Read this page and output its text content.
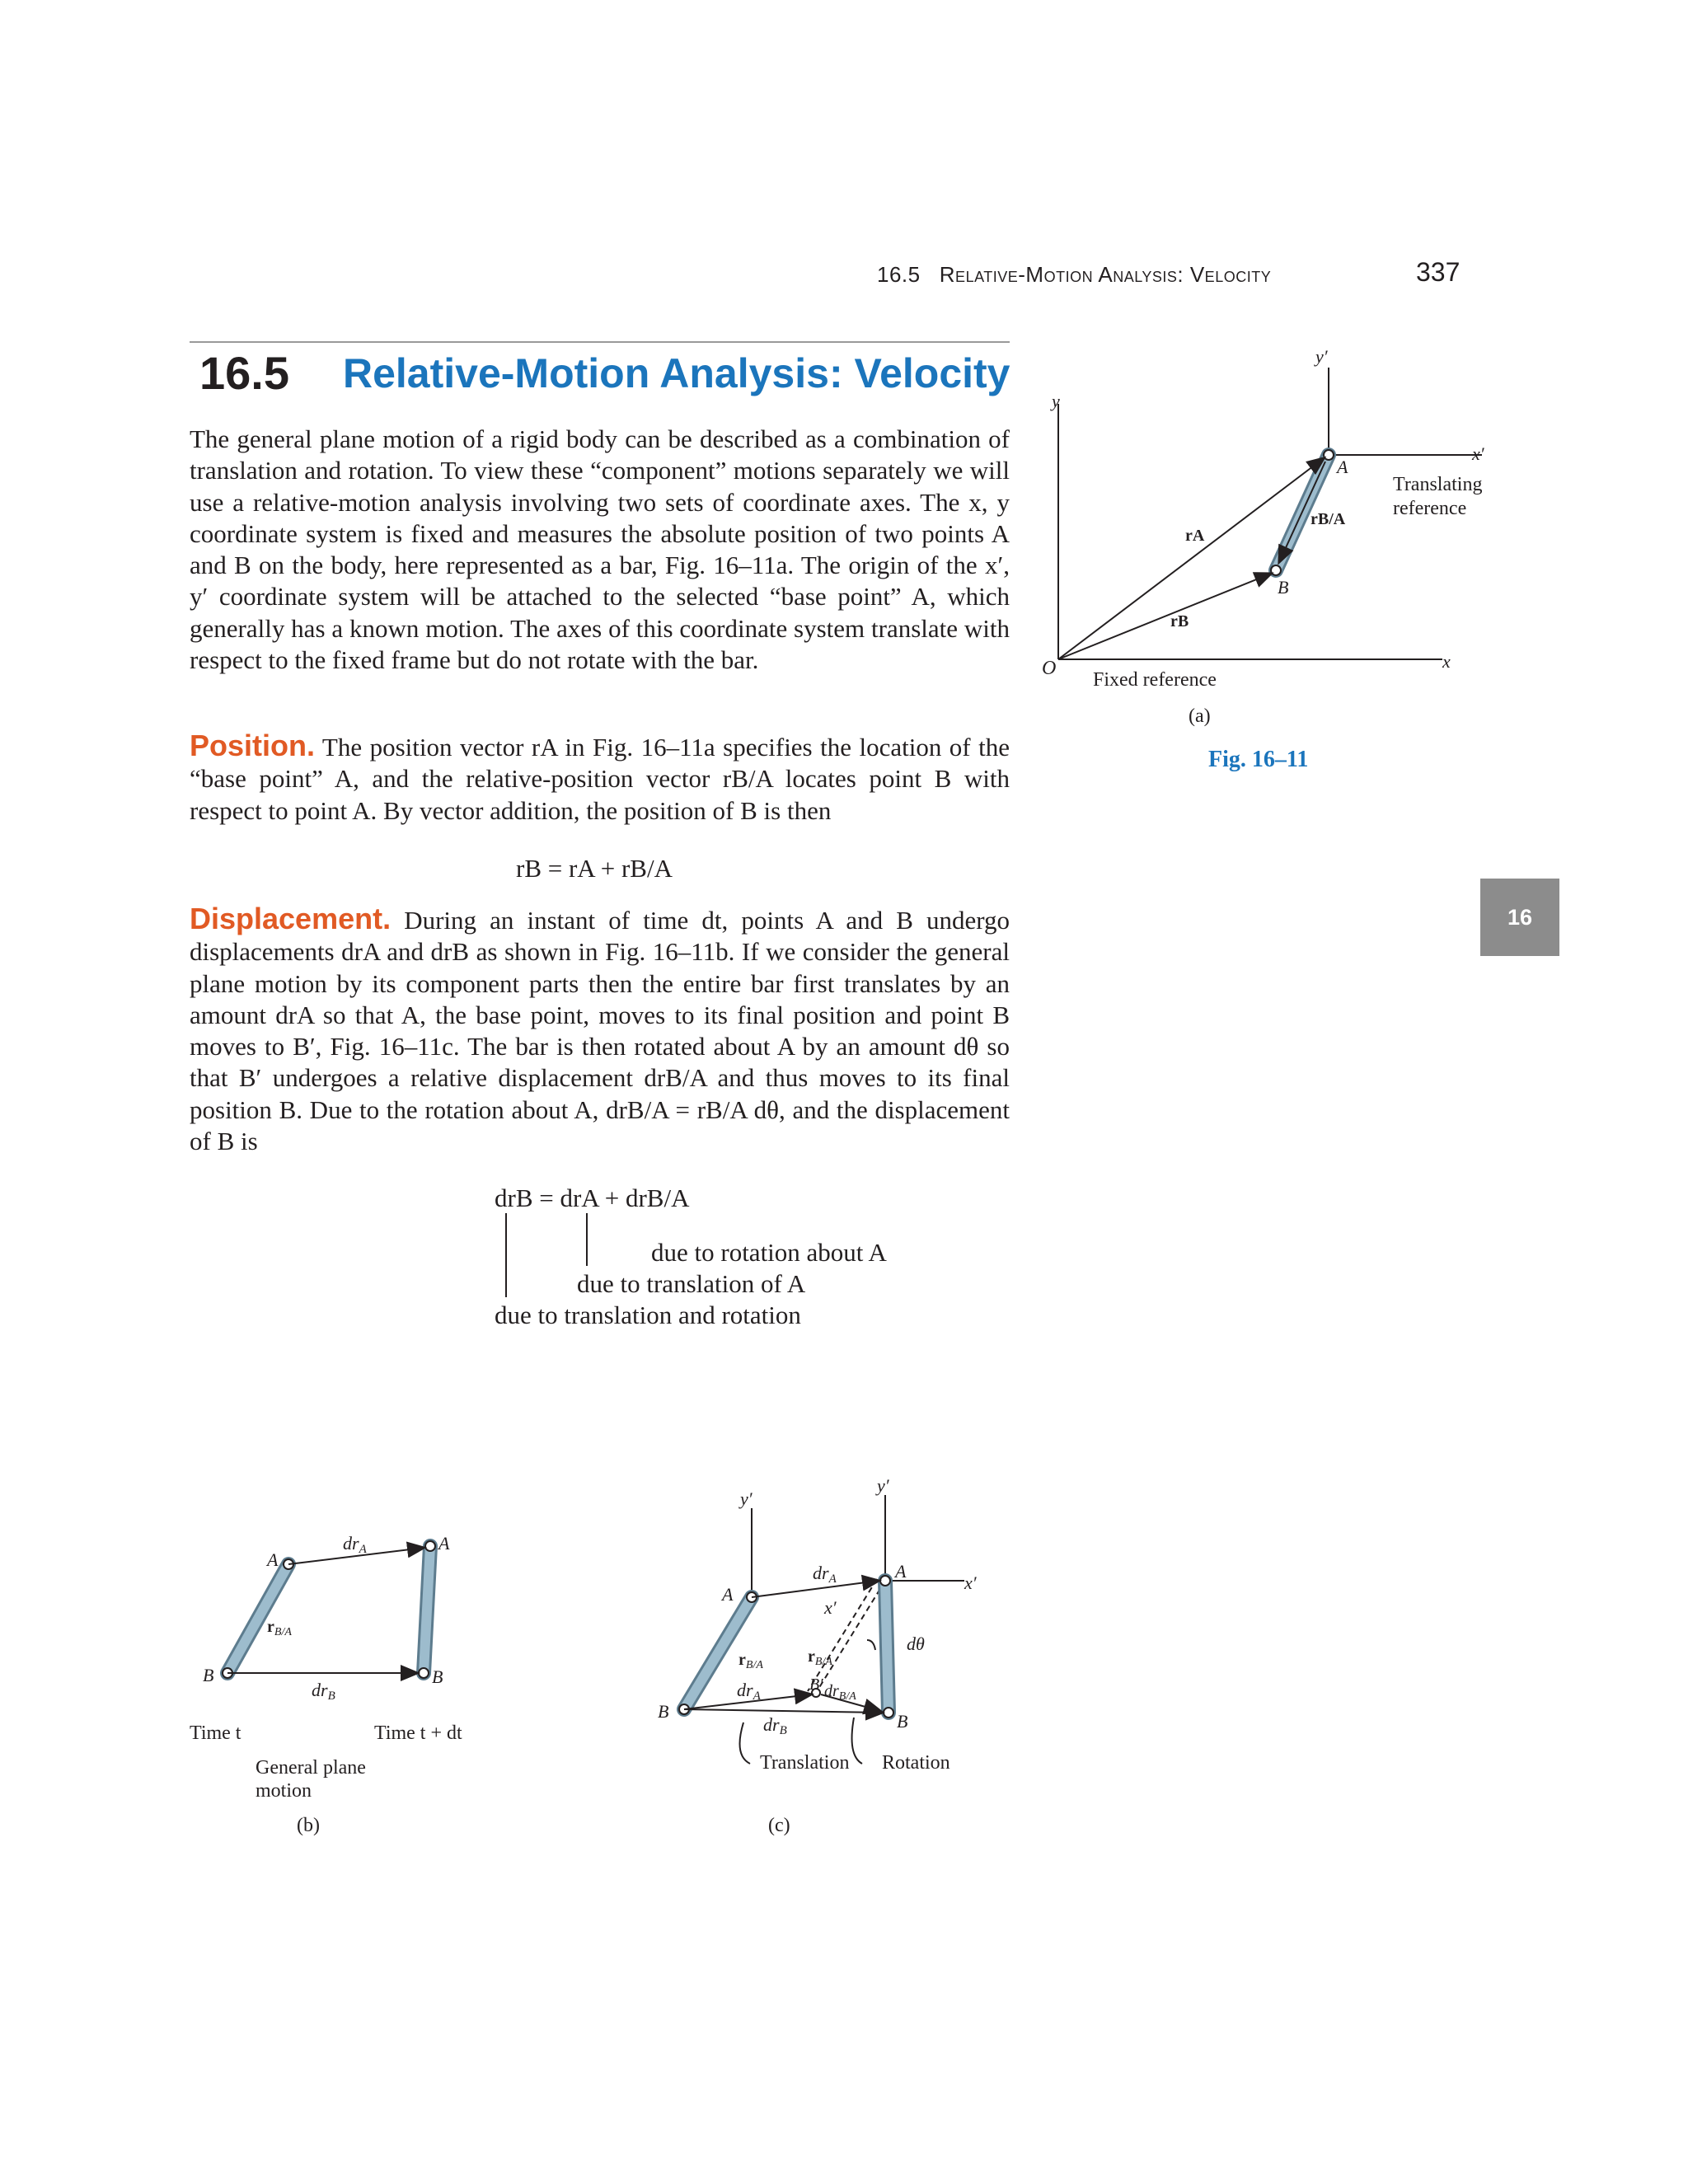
16.5 Relative-Motion Analysis: Velocity	337
16.5 Relative-Motion Analysis: Velocity
The general plane motion of a rigid body can be described as a combination of translation and rotation. To view these “component” motions separately we will use a relative-motion analysis involving two sets of coordinate axes. The x, y coordinate system is fixed and measures the absolute position of two points A and B on the body, here represented as a bar, Fig. 16–11a. The origin of the x′, y′ coordinate system will be attached to the selected “base point” A, which generally has a known motion. The axes of this coordinate system translate with respect to the fixed frame but do not rotate with the bar.
Position. The position vector rA in Fig. 16–11a specifies the location of the “base point” A, and the relative-position vector rB/A locates point B with respect to point A. By vector addition, the position of B is then
rB = rA + rB/A
Displacement. During an instant of time dt, points A and B undergo displacements drA and drB as shown in Fig. 16–11b. If we consider the general plane motion by its component parts then the entire bar first translates by an amount drA so that A, the base point, moves to its final position and point B moves to B′, Fig. 16–11c. The bar is then rotated about A by an amount dθ so that B′ undergoes a relative displacement drB/A and thus moves to its final position B. Due to the rotation about A, drB/A = rB/A dθ, and the displacement of B is
drB = drA + drB/A
due to rotation about A
due to translation of A
due to translation and rotation
16
y
y′
x
x′
O
A
B
rA
rB
rB/A
Translating
reference
Fixed reference
(a)
Fig. 16–11
A
A
B	B
drA
$r_{B/A}$
drB
Time t	Time t + dt
General plane
motion
(b)
y′
y′
x′
x′
A
A
B	B
B′
drA
drA
drB
$dr_{B/A}$
$r_{B/A}$	$r_{B/A}$
dθ
Translation Rotation
(c)
